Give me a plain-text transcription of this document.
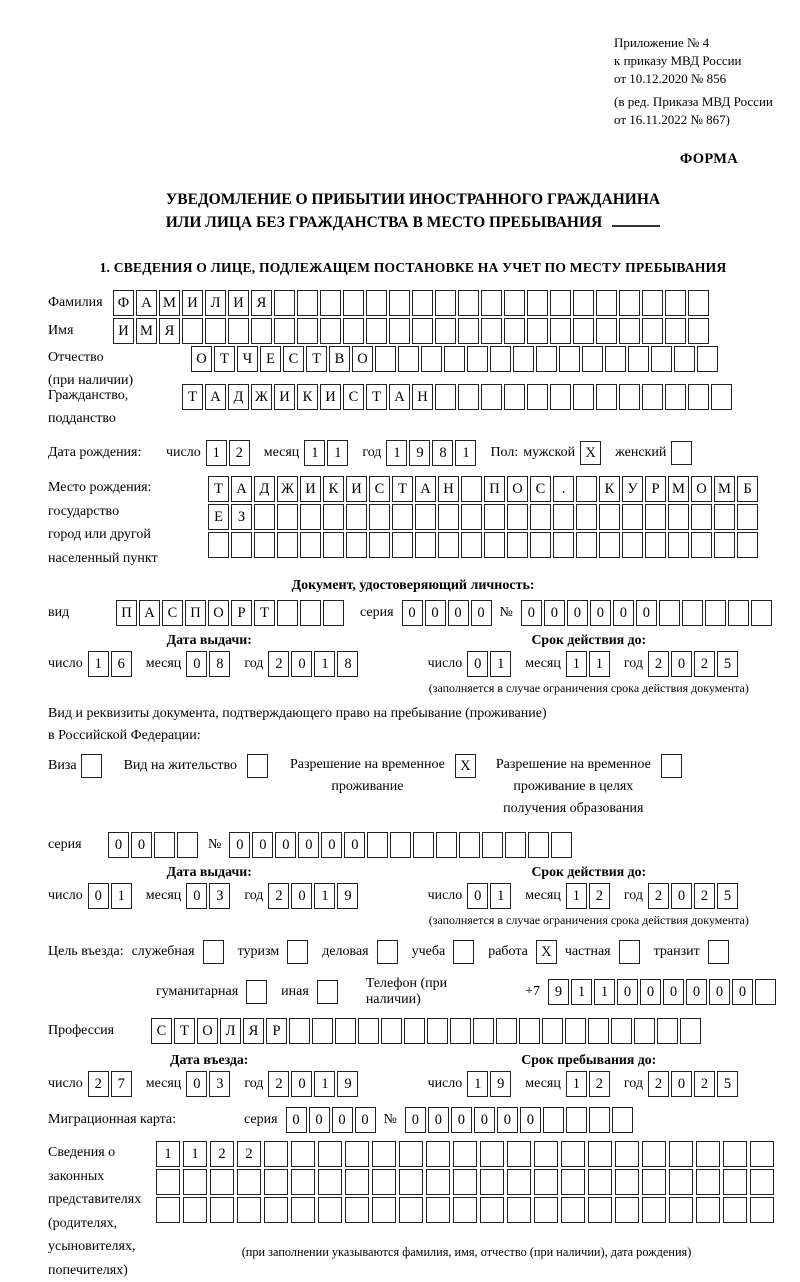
Приложение № 4
к приказу МВД России
от 10.12.2020 № 856
(в ред. Приказа МВД России
от 16.11.2022 № 867)
ФОРМА
УВЕДОМЛЕНИЕ О ПРИБЫТИИ ИНОСТРАННОГО ГРАЖДАНИНА
ИЛИ ЛИЦА БЕЗ ГРАЖДАНСТВА В МЕСТО ПРЕБЫВАНИЯ
1. СВЕДЕНИЯ О ЛИЦЕ, ПОДЛЕЖАЩЕМ ПОСТАНОВКЕ НА УЧЕТ ПО МЕСТУ ПРЕБЫВАНИЯ
Фамилия	Ф А М И Л И Я
Имя	И М Я
Отчество
(при наличии)
О Т Ч Е С Т В О
Гражданство,
подданство
Т А Д Ж И К И С Т А Н
Дата рождения:	число 1	2	месяц 1	1	год 1	9	8	1	Пол: мужской X	женский
Место рождения:
государство
город или другой
населенный пункт
Т А Д Ж И К И С Т А Н	П О С	.	К У Р М О М Б
Е	З
Документ, удостоверяющий личность:
вид	П А С П О Р	Т	серия	0	0	0	0	№	0	0	0	0	0	0
Дата выдачи:
число 1	6	месяц 0	8	год 2	0	1	8
Срок действия до:
число 0	1	месяц 1	1	год 2	0	2	5
(заполняется в случае ограничения срока действия документа)
Вид и реквизиты документа, подтверждающего право на пребывание (проживание)
в Российской Федерации:
Виза	Вид на жительство	Разрешение на временное
проживание
X	Разрешение на временное
проживание в целях
получения образования
серия	0	0	№	0	0	0	0	0	0
Дата выдачи:
число 0	1	месяц 0	3	год 2	0	1	9
Срок действия до:
число 0	1	месяц 1	2	год 2	0	2	5
(заполняется в случае ограничения срока действия документа)
Цель въезда: служебная	туризм	деловая	учеба	работа X частная	транзит
гуманитарная	иная
Телефон (при наличии)
+7	9	1	1	0	0	0	0	0	0
Профессия	С Т О Л Я Р
Дата въезда:
число 2	7	месяц 0	3	год 2	0	1	9
Срок пребывания до:
число 1	9	месяц 1	2	год 2	0	2	5
Миграционная карта:	серия	0	0	0	0	№	0	0	0	0	0	0
Сведения о
законных
представителях
(родителях,
усыновителях,
попечителях)
1	1	2	2
(при заполнении указываются фамилия, имя, отчество (при наличии), дата рождения)
